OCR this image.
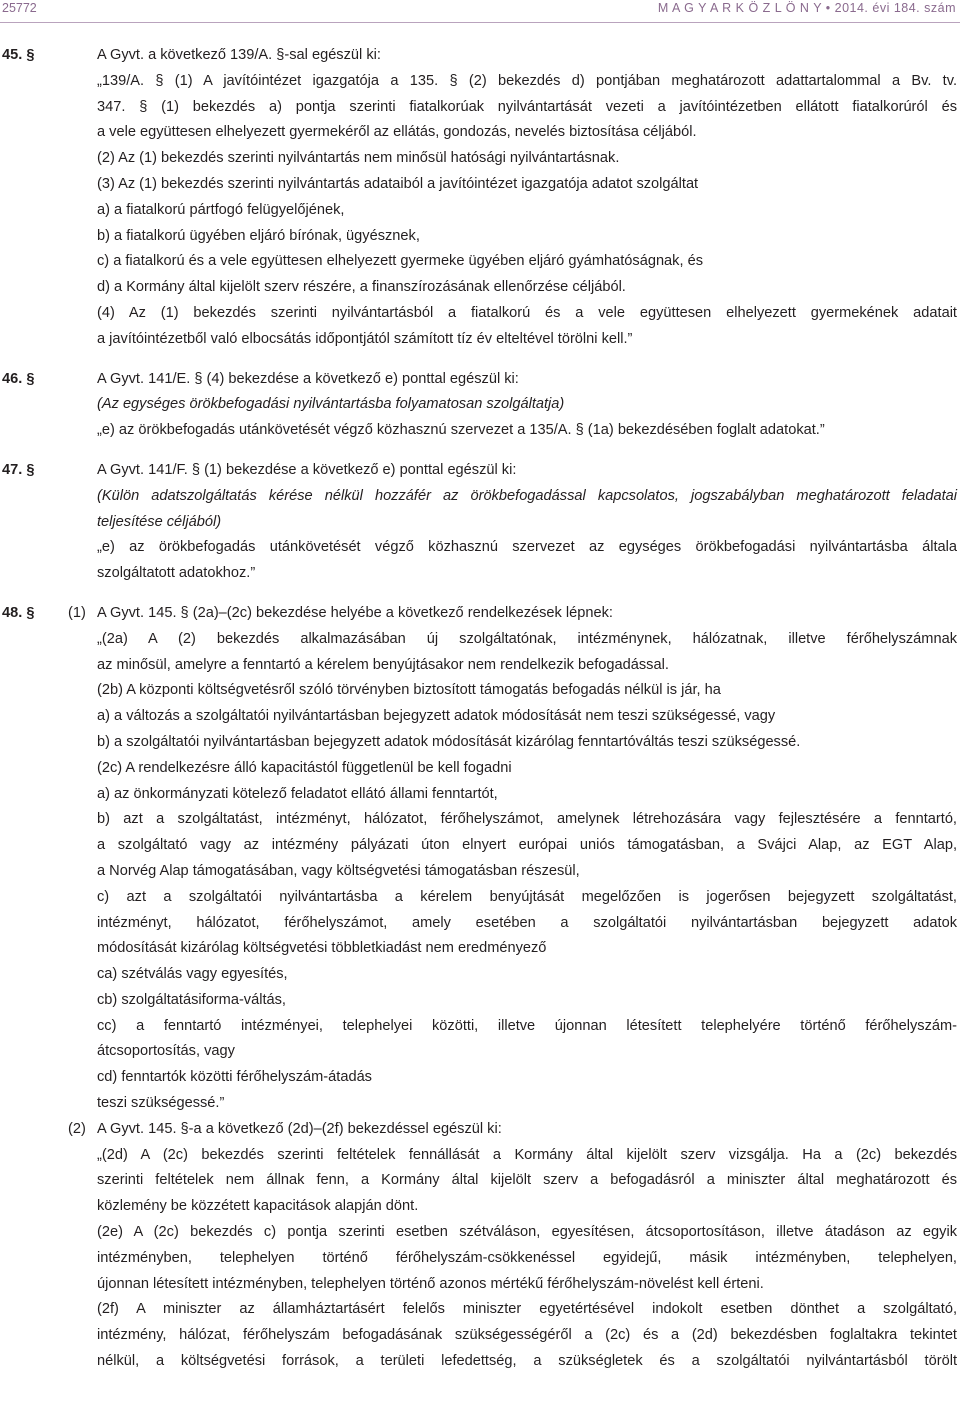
25772	M A G Y A R K Ö Z L Ö N Y • 2014. évi 184. szám
45. §	A Gyvt. a következő 139/A. §-sal egészül ki:
„139/A. § (1) A javítóintézet igazgatója a 135. § (2) bekezdés d) pontjában meghatározott adattartalommal a Bv. tv.
347. § (1) bekezdés a) pontja szerinti fiatalkorúak nyilvántartását vezeti a javítóintézetben ellátott fiatalkorúról és
a vele együttesen elhelyezett gyermekéről az ellátás, gondozás, nevelés biztosítása céljából.
(2) Az (1) bekezdés szerinti nyilvántartás nem minősül hatósági nyilvántartásnak.
(3) Az (1) bekezdés szerinti nyilvántartás adataiból a javítóintézet igazgatója adatot szolgáltat
a) a fiatalkorú pártfogó felügyelőjének,
b) a fiatalkorú ügyében eljáró bírónak, ügyésznek,
c) a fiatalkorú és a vele együttesen elhelyezett gyermeke ügyében eljáró gyámhatóságnak, és
d) a Kormány által kijelölt szerv részére, a finanszírozásának ellenőrzése céljából.
(4) Az (1) bekezdés szerinti nyilvántartásból a fiatalkorú és a vele együttesen elhelyezett gyermekének adatait
a javítóintézetből való elbocsátás időpontjától számított tíz év elteltével törölni kell.”
46. §	A Gyvt. 141/E. § (4) bekezdése a következő e) ponttal egészül ki:
(Az egységes örökbefogadási nyilvántartásba folyamatosan szolgáltatja)
„e) az örökbefogadás utánkövetését végző közhasznú szervezet a 135/A. § (1a) bekezdésében foglalt adatokat.”
47. §	A Gyvt. 141/F. § (1) bekezdése a következő e) ponttal egészül ki:
(Külön adatszolgáltatás kérése nélkül hozzáfér az örökbefogadással kapcsolatos, jogszabályban meghatározott feladatai
teljesítése céljából)
„e) az örökbefogadás utánkövetését végző közhasznú szervezet az egységes örökbefogadási nyilvántartásba általa
szolgáltatott adatokhoz.”
48. § (1) A Gyvt. 145. § (2a)–(2c) bekezdése helyébe a következő rendelkezések lépnek:
„(2a) A (2) bekezdés alkalmazásában új szolgáltatónak, intézménynek, hálózatnak, illetve férőhelyszámnak
az minősül, amelyre a fenntartó a kérelem benyújtásakor nem rendelkezik befogadással.
(2b) A központi költségvetésről szóló törvényben biztosított támogatás befogadás nélkül is jár, ha
a) a változás a szolgáltatói nyilvántartásban bejegyzett adatok módosítását nem teszi szükségessé, vagy
b) a szolgáltatói nyilvántartásban bejegyzett adatok módosítását kizárólag fenntartóváltás teszi szükségessé.
(2c) A rendelkezésre álló kapacitástól függetlenül be kell fogadni
a) az önkormányzati kötelező feladatot ellátó állami fenntartót,
b) azt a szolgáltatást, intézményt, hálózatot, férőhelyszámot, amelynek létrehozására vagy fejlesztésére a fenntartó,
a szolgáltató vagy az intézmény pályázati úton elnyert európai uniós támogatásban, a Svájci Alap, az EGT Alap,
a Norvég Alap támogatásában, vagy költségvetési támogatásban részesül,
c) azt a szolgáltatói nyilvántartásba a kérelem benyújtását megelőzően is jogerősen bejegyzett szolgáltatást,
intézményt, hálózatot, férőhelyszámot, amely esetében a szolgáltatói nyilvántartásban bejegyzett adatok
módosítását kizárólag költségvetési többletkiadást nem eredményező
ca) szétválás vagy egyesítés,
cb) szolgáltatásiforma-váltás,
cc) a fenntartó intézményei, telephelyei közötti, illetve újonnan létesített telephelyére történő férőhelyszám-
átcsoportosítás, vagy
cd) fenntartók közötti férőhelyszám-átadás
teszi szükségessé.”
(2) A Gyvt. 145. §-a a következő (2d)–(2f) bekezdéssel egészül ki:
„(2d) A (2c) bekezdés szerinti feltételek fennállását a Kormány által kijelölt szerv vizsgálja. Ha a (2c) bekezdés
szerinti feltételek nem állnak fenn, a Kormány által kijelölt szerv a befogadásról a miniszter által meghatározott és
közlemény be közzétett kapacitások alapján dönt.
(2e) A (2c) bekezdés c) pontja szerinti esetben szétváláson, egyesítésen, átcsoportosításon, illetve átadáson az egyik
intézményben, telephelyen történő férőhelyszám-csökkenéssel egyidejű, másik intézményben, telephelyen,
újonnan létesített intézményben, telephelyen történő azonos mértékű férőhelyszám-növelést kell érteni.
(2f) A miniszter az államháztartásért felelős miniszter egyetértésével indokolt esetben dönthet a szolgáltató,
intézmény, hálózat, férőhelyszám befogadásának szükségességéről a (2c) és a (2d) bekezdésben foglaltakra tekintet
nélkül, a költségvetési források, a területi lefedettség, a szükségletek és a szolgáltatói nyilvántartásból törölt
